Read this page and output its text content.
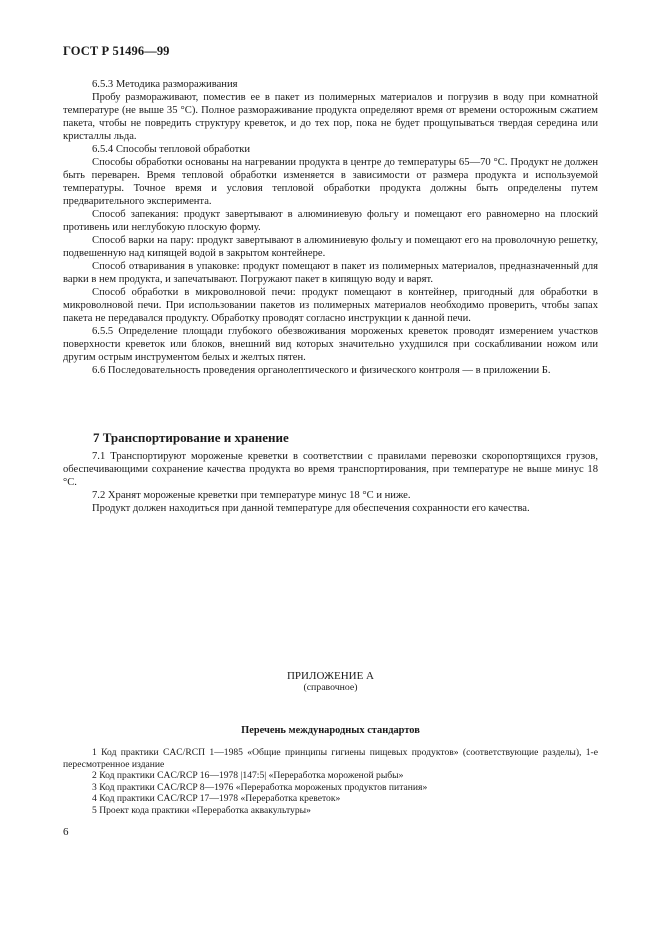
ГОСТ Р 51496—99

6.5.3 Методика размораживания

Пробу размораживают, поместив ее в пакет из полимерных материалов и погрузив в воду при комнатной температуре (не выше 35 °С). Полное размораживание продукта определяют время от времени осторожным сжатием пакета, чтобы не повредить структуру креветок, и до тех пор, пока не будет прощупываться твердая середина или кристаллы льда.

6.5.4 Способы тепловой обработки

Способы обработки основаны на нагревании продукта в центре до температуры 65—70 °С. Продукт не должен быть переварен. Время тепловой обработки изменяется в зависимости от размера продукта и используемой температуры. Точное время и условия тепловой обработки продукта должны быть определены путем предварительного эксперимента.

Способ запекания: продукт завертывают в алюминиевую фольгу и помещают его равномерно на плоский противень или неглубокую плоскую форму.

Способ варки на пару: продукт завертывают в алюминиевую фольгу и помещают его на проволочную решетку, подвешенную над кипящей водой в закрытом контейнере.

Способ отваривания в упаковке: продукт помещают в пакет из полимерных материалов, предназначенный для варки в нем продукта, и запечатывают. Погружают пакет в кипящую воду и варят.

Способ обработки в микроволновой печи: продукт помещают в контейнер, пригодный для обработки в микроволновой печи. При использовании пакетов из полимерных материалов необходимо проверить, чтобы запах пакета не передавался продукту. Обработку проводят согласно инструкции к данной печи.

6.5.5 Определение площади глубокого обезвоживания мороженых креветок проводят измерением участков поверхности креветок или блоков, внешний вид которых значительно ухудшился при соскабливании ножом или другим острым инструментом белых и желтых пятен.

6.6 Последовательность проведения органолептического и физического контроля — в приложении Б.

7 Транспортирование и хранение

7.1 Транспортируют мороженые креветки в соответствии с правилами перевозки скоропортящихся грузов, обеспечивающими сохранение качества продукта во время транспортирования, при температуре не выше минус 18 °С.

7.2 Хранят мороженые креветки при температуре минус 18 °С и ниже.

Продукт должен находиться при данной температуре для обеспечения сохранности его качества.

ПРИЛОЖЕНИЕ А
(справочное)
Перечень международных стандартов

1 Код практики CAC/RCП 1—1985 «Общие принципы гигиены пищевых продуктов» (соответствующие разделы), 1-е пересмотренное издание

2 Код практики CAC/RCP 16—1978 |147:5| «Переработка мороженой рыбы»

3 Код практики CAC/RCP 8—1976 «Переработка мороженых продуктов питания»

4 Код практики CAC/RCP 17—1978 «Переработка креветок»

5 Проект кода практики «Переработка аквакультуры»

6
